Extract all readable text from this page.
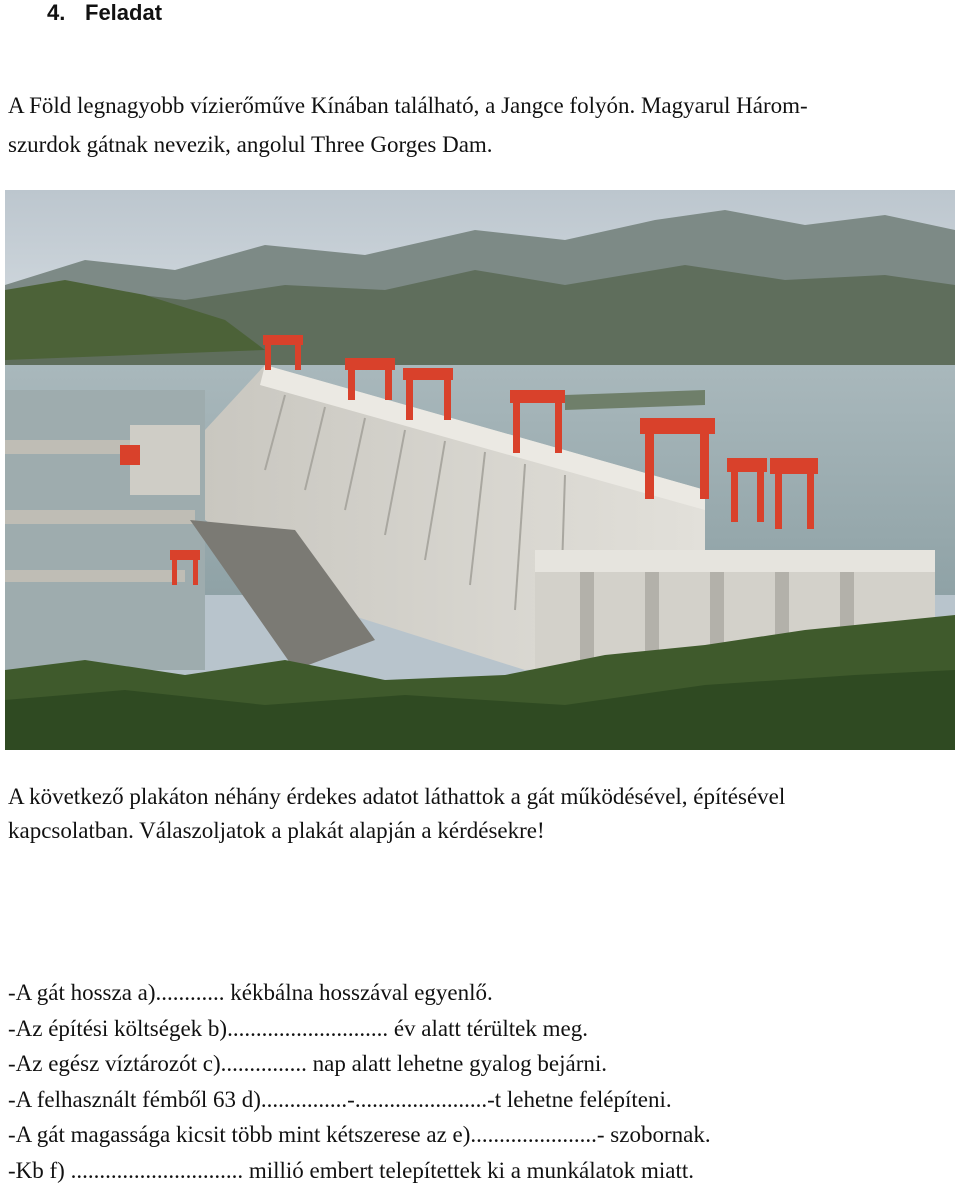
4. Feladat
A Föld legnagyobb vízierőműve Kínában található, a Jangce folyón. Magyarul Három-
szurdok gátnak nevezik, angolul Three Gorges Dam.
A következő plakáton néhány érdekes adatot láthattok a gát működésével, építésével
kapcsolatban. Válaszoljatok a plakát alapján a kérdésekre!
-A gát hossza a)............ kékbálna hosszával egyenlő.
-Az építési költségek b)............................ év alatt térültek meg.
-Az egész víztározót c)............... nap alatt lehetne gyalog bejárni.
-A felhasznált fémből 63 d)...............-.......................-t lehetne felépíteni.
-A gát magassága kicsit több mint kétszerese az e)......................- szobornak.
-Kb f) .............................. millió embert telepítettek ki a munkálatok miatt.
